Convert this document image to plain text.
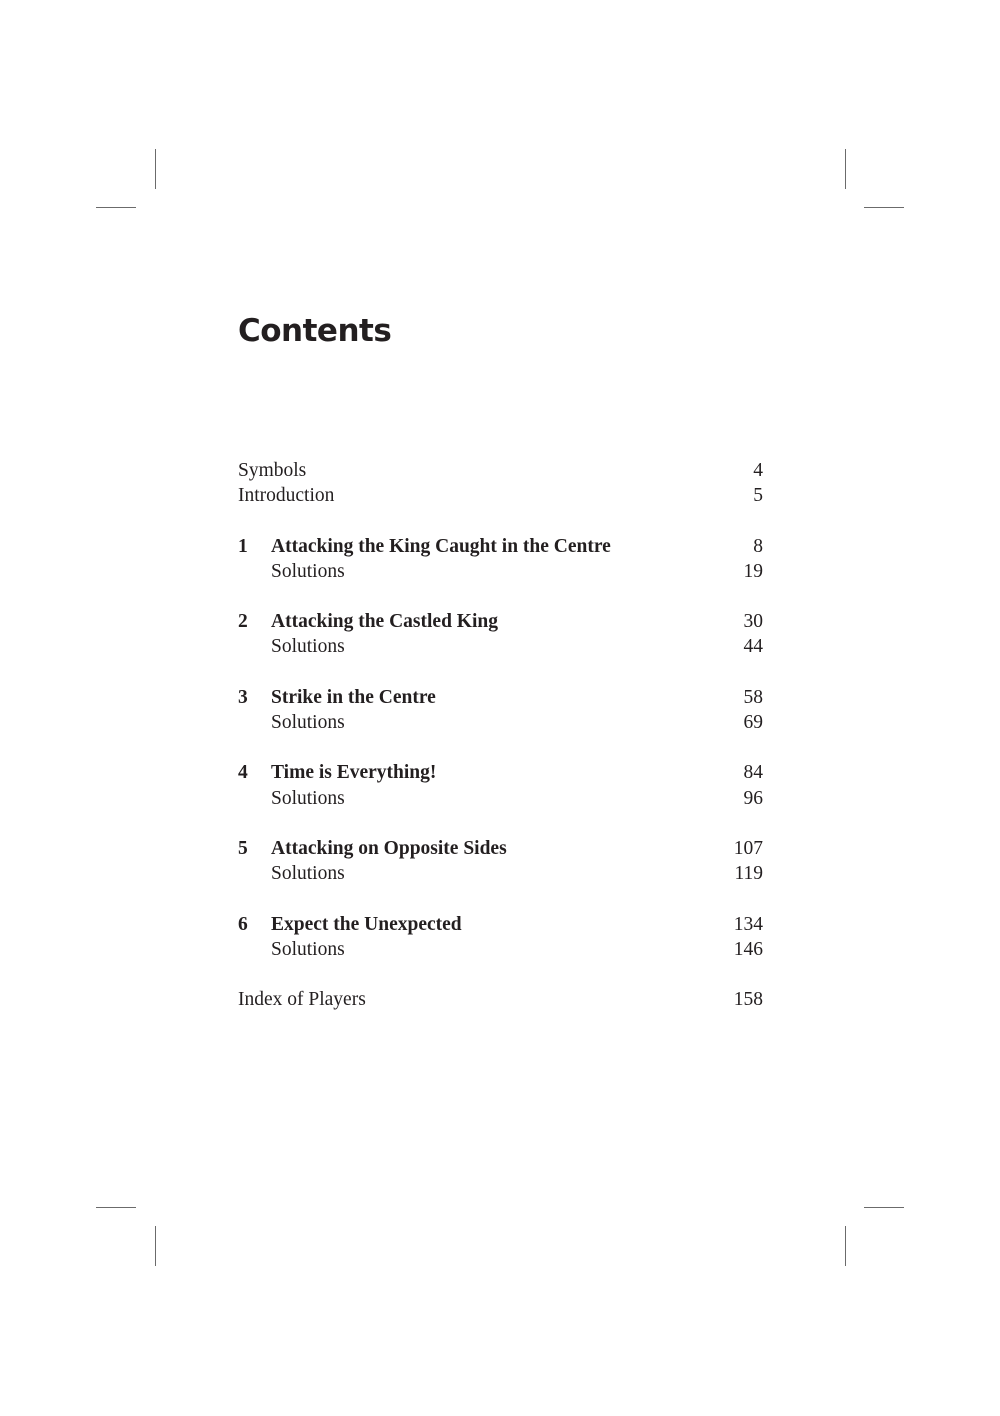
Contents
Symbols	4
Introduction	5
1	Attacking the King Caught in the Centre	8
Solutions	19
2	Attacking the Castled King	30
Solutions	44
3	Strike in the Centre	58
Solutions	69
4	Time is Everything!	84
Solutions	96
5	Attacking on Opposite Sides	107
Solutions	119
6	Expect the Unexpected	134
Solutions	146
Index of Players	158
